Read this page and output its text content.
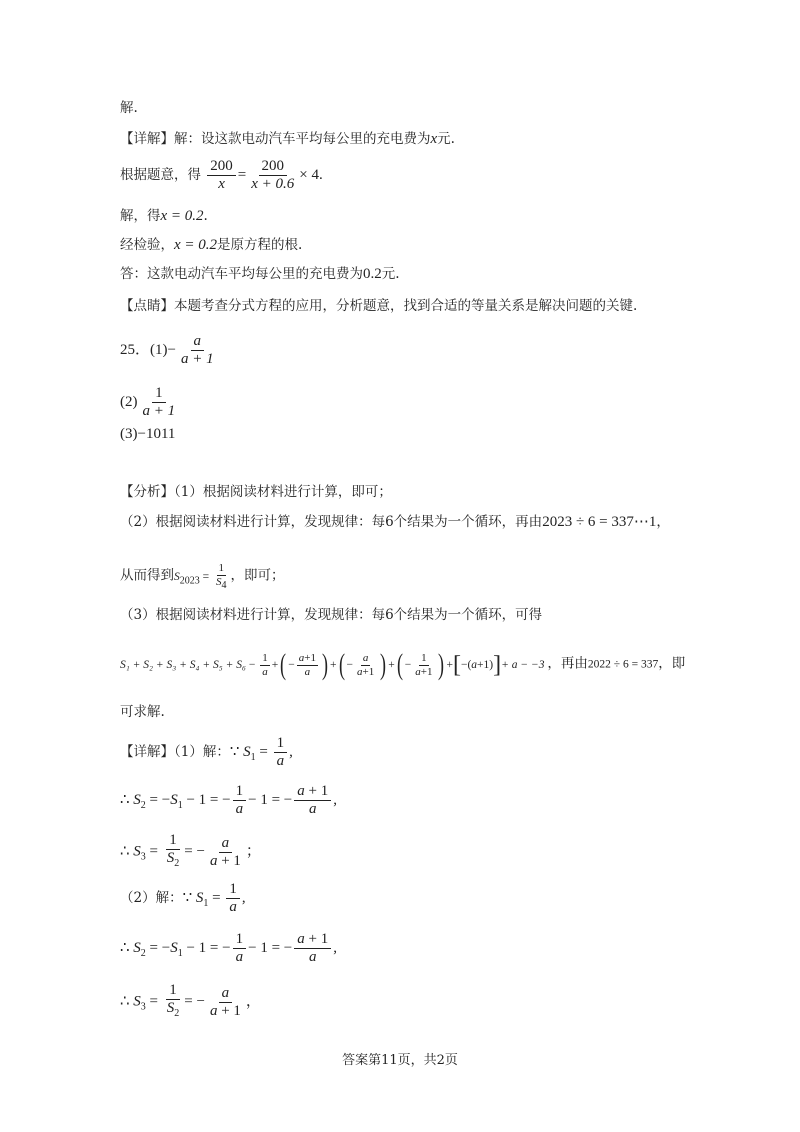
解.
【详解】解：设这款电动汽车平均每公里的充电费为x元.
根据题意，得 $\frac{200}{x} = \frac{200}{x + 0.6} \times 4$.
解，得x = 0.2.
经检验，x = 0.2是原方程的根.
答：这款电动汽车平均每公里的充电费为0.2元.
【点睛】本题考查分式方程的应用，分析题意，找到合适的等量关系是解决问题的关键.
25．$(1)- \frac{a}{a + 1}$
$(2) \frac{1}{a + 1}$
(3)−1011
【分析】（1）根据阅读材料进行计算，即可；
（2）根据阅读材料进行计算，发现规律：每6个结果为一个循环，再由2023 ÷ 6 = 337⋯1，
从而得到$S_{2023} = \frac{1}{S_4}$ ，即可；
（3）根据阅读材料进行计算，发现规律：每6个结果为一个循环，可得
$S_1 + S_2 + S_3 + S_4 + S_5 + S_6 - \frac{1}{a}$ +( − $\frac{a+1}{a}$ ) +( − $\frac{a}{a+1}$ ) +( − $\frac{1}{a+1}$ ) +[−(a+1)]+ a − −3 ，再由2022 ÷ 6 = 337，即
可求解.
【详解】（1）解：∵ $S_1 = \frac{1}{a}$ ,
∴ $S_2 = -S_1 - 1$ = − $\frac{1}{a} - 1$ = − $\frac{a + 1}{a}$ ,
∴ $S_3 = \frac{1}{S_2}$ = − $\frac{a}{a + 1}$ ；
（2）解：∵ $S_1 = \frac{1}{a}$ ,
∴ $S_2 = -S_1 - 1$ = − $\frac{1}{a} - 1$ = − $\frac{a + 1}{a}$ ,
∴ $S_3 = \frac{1}{S_2}$ = − $\frac{a}{a + 1}$ ，
答案第11页，共2页
